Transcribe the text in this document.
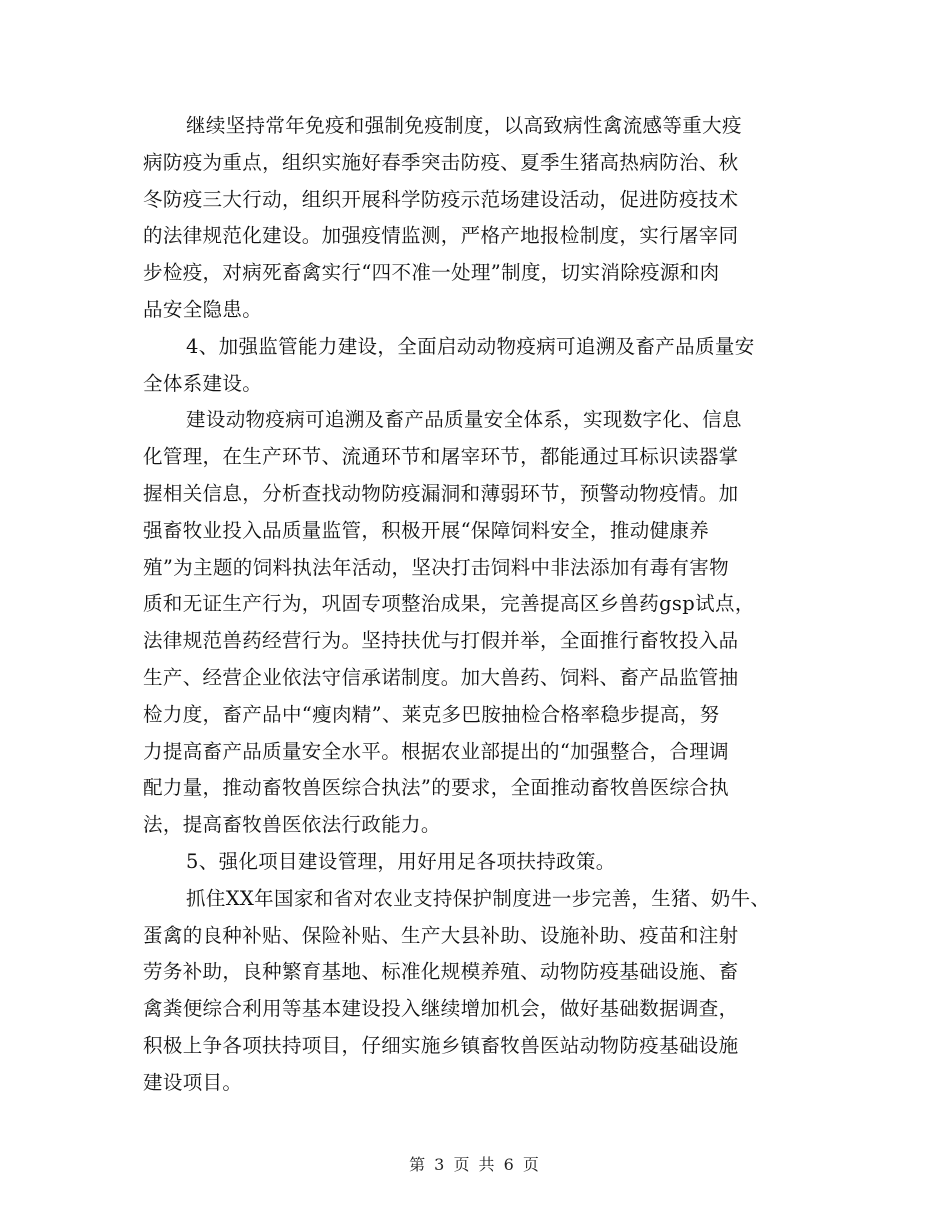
继续坚持常年免疫和强制免疫制度，以高致病性禽流感等重大疫
病防疫为重点，组织实施好春季突击防疫、夏季生猪高热病防治、秋
冬防疫三大行动，组织开展科学防疫示范场建设活动，促进防疫技术
的法律规范化建设。加强疫情监测，严格产地报检制度，实行屠宰同
步检疫，对病死畜禽实行“四不准一处理”制度，切实消除疫源和肉
品安全隐患。

4、加强监管能力建设，全面启动动物疫病可追溯及畜产品质量安
全体系建设。

建设动物疫病可追溯及畜产品质量安全体系，实现数字化、信息
化管理，在生产环节、流通环节和屠宰环节，都能通过耳标识读器掌
握相关信息，分析查找动物防疫漏洞和薄弱环节，预警动物疫情。加
强畜牧业投入品质量监管，积极开展“保障饲料安全，推动健康养
殖”为主题的饲料执法年活动，坚决打击饲料中非法添加有毒有害物
质和无证生产行为，巩固专项整治成果，完善提高区乡兽药gsp试点，
法律规范兽药经营行为。坚持扶优与打假并举，全面推行畜牧投入品
生产、经营企业依法守信承诺制度。加大兽药、饲料、畜产品监管抽
检力度，畜产品中“瘦肉精”、莱克多巴胺抽检合格率稳步提高，努
力提高畜产品质量安全水平。根据农业部提出的“加强整合，合理调
配力量，推动畜牧兽医综合执法”的要求，全面推动畜牧兽医综合执
法，提高畜牧兽医依法行政能力。

5、强化项目建设管理，用好用足各项扶持政策。

抓住XX年国家和省对农业支持保护制度进一步完善，生猪、奶牛、
蛋禽的良种补贴、保险补贴、生产大县补助、设施补助、疫苗和注射
劳务补助，良种繁育基地、标准化规模养殖、动物防疫基础设施、畜
禽粪便综合利用等基本建设投入继续增加机会，做好基础数据调查，
积极上争各项扶持项目，仔细实施乡镇畜牧兽医站动物防疫基础设施
建设项目。

第 3 页 共 6 页
